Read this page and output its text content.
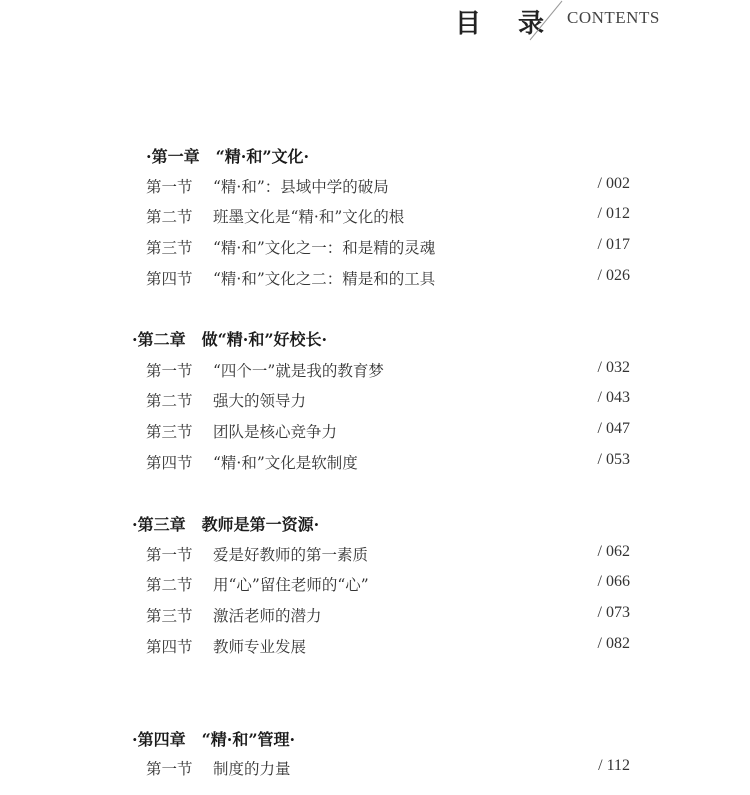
目 录 CONTENTS
·第一章　“精·和”文化·
第一节 “精·和”：县域中学的破局	/ 002
第二节 班墨文化是“精·和”文化的根	/ 012
第三节 “精·和”文化之一：和是精的灵魂	/ 017
第四节 “精·和”文化之二：精是和的工具	/ 026
·第二章　做“精·和”好校长·
第一节 “四个一”就是我的教育梦	/ 032
第二节 强大的领导力	/ 043
第三节 团队是核心竞争力	/ 047
第四节 “精·和”文化是软制度	/ 053
·第三章　教师是第一资源·
第一节 爱是好教师的第一素质	/ 062
第二节 用“心”留住老师的“心”	/ 066
第三节 激活老师的潜力	/ 073
第四节 教师专业发展	/ 082
·第四章　“精·和”管理·
第一节 制度的力量	/ 112
